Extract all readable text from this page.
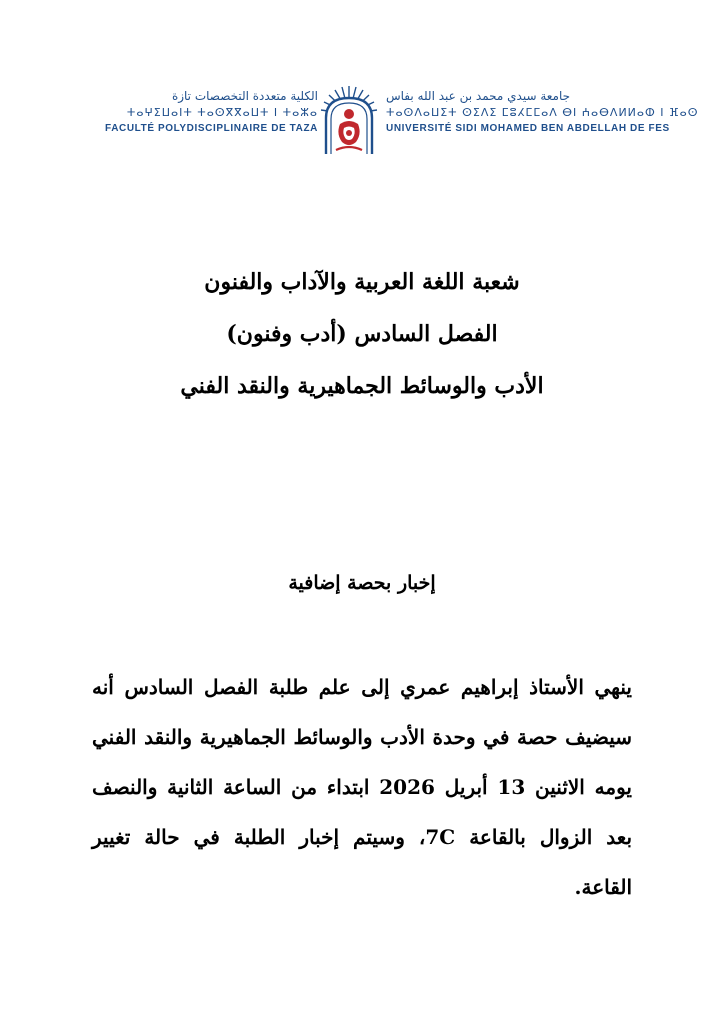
الكلية متعددة التخصصات تازة
ⵜⴰⵖⵉⵡⴰⵏⵜ ⵜⴰⵙⴳⴳⴰⵡⵜ ⵏ ⵜⴰⵣⴰ
FACULTÉ POLYDISCIPLINAIRE DE TAZA
جامعة سيدي محمد بن عبد الله بفاس
ⵜⴰⵙⴷⴰⵡⵉⵜ ⵙⵉⴷⵉ ⵎⵓⵃⵎⵎⴰⴷ ⴱⵏ ⵄⴰⴱⴷⵍⵍⴰⵀ ⵏ ⴼⴰⵙ
UNIVERSITÉ SIDI MOHAMED BEN ABDELLAH DE FES
شعبة اللغة العربية والآداب والفنون
الفصل السادس (أدب وفنون)
الأدب والوسائط الجماهيرية والنقد الفني
إخبار بحصة إضافية
ينهي الأستاذ إبراهيم عمري إلى علم طلبة الفصل السادس أنه سيضيف حصة في وحدة الأدب والوسائط الجماهيرية والنقد الفني يومه الاثنين 13 أبريل 2026 ابتداء من الساعة الثانية والنصف بعد الزوال بالقاعة 7C، وسيتم إخبار الطلبة في حالة تغيير القاعة.
